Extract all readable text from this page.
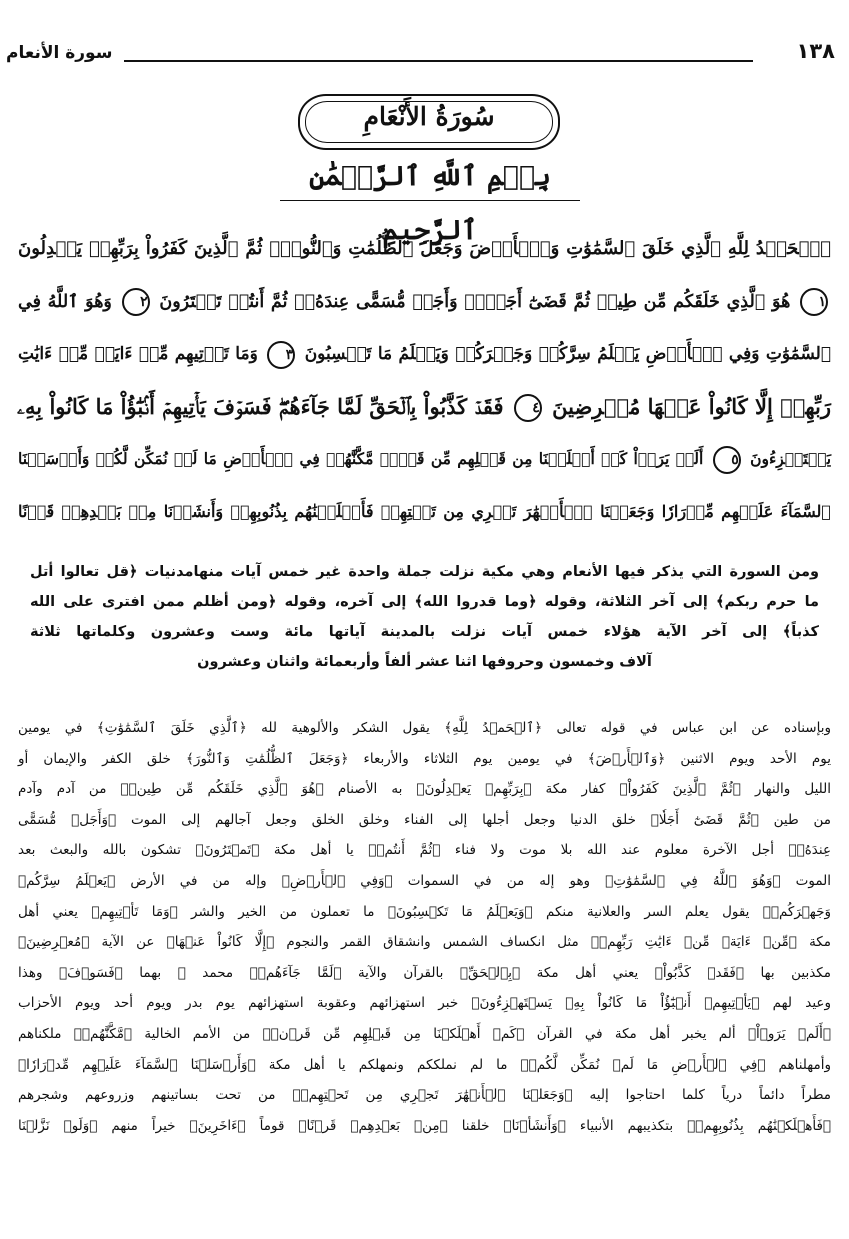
١٣٨
سورة الأنعام
سُورَةُ الأَنْعَامِ
بِسۡمِ ٱللَّهِ ٱلرَّحۡمَٰنِ ٱلرَّحِيمِ
ٱلۡحَمۡدُ لِلَّهِ ٱلَّذِي خَلَقَ ٱلسَّمَٰوَٰتِ وَٱلۡأَرۡضَ وَجَعَلَ ٱلظُّلُمَٰتِ وَٱلنُّورَۖ ثُمَّ ٱلَّذِينَ كَفَرُواْ بِرَبِّهِمۡ يَعۡدِلُونَ
١ هُوَ ٱلَّذِي خَلَقَكُم مِّن طِينٖ ثُمَّ قَضَىٰٓ أَجَلٗاۖ وَأَجَلٞ مُّسَمًّى عِندَهُۥۖ ثُمَّ أَنتُمۡ تَمۡتَرُونَ ٢ وَهُوَ ٱللَّهُ فِي
ٱلسَّمَٰوَٰتِ وَفِي ٱلۡأَرۡضِ يَعۡلَمُ سِرَّكُمۡ وَجَهۡرَكُمۡ وَيَعۡلَمُ مَا تَكۡسِبُونَ ٣ وَمَا تَأۡتِيهِم مِّنۡ ءَايَةٖ مِّنۡ ءَايَٰتِ
رَبِّهِمۡ إِلَّا كَانُواْ عَنۡهَا مُعۡرِضِينَ ٤ فَقَدۡ كَذَّبُواْ بِٱلۡحَقِّ لَمَّا جَآءَهُمۡۖ فَسَوۡفَ يَأۡتِيهِمۡ أَنۢبَٰٓؤُاْ مَا كَانُواْ بِهِۦ
يَسۡتَهۡزِءُونَ ٥ أَلَمۡ يَرَوۡاْ كَمۡ أَهۡلَكۡنَا مِن قَبۡلِهِم مِّن قَرۡنٖ مَّكَّنَّٰهُمۡ فِي ٱلۡأَرۡضِ مَا لَمۡ نُمَكِّن لَّكُمۡ وَأَرۡسَلۡنَا
ٱلسَّمَآءَ عَلَيۡهِم مِّدۡرَارٗا وَجَعَلۡنَا ٱلۡأَنۡهَٰرَ تَجۡرِي مِن تَحۡتِهِمۡ فَأَهۡلَكۡنَٰهُم بِذُنُوبِهِمۡ وَأَنشَأۡنَا مِنۢ بَعۡدِهِمۡ قَرۡنًا
ومن السورة التي يذكر فيها الأنعام وهي مكية نزلت جملة واحدة غير خمس آيات منهامدنيات ﴿قل تعالوا أتل
ما حرم ربكم﴾ إلى آخر الثلاثة، وقوله ﴿وما قدروا الله﴾ إلى آخره، وقوله ﴿ومن أظلم ممن افترى على الله
كذباً﴾ إلى آخر الآية هؤلاء خمس آيات نزلت بالمدينة آياتها مائة وست وعشرون وكلماتها ثلاثة
آلاف وخمسون وحروفها اثنا عشر ألفاً وأربعمائة واثنان وعشرون
وبإسناده عن ابن عباس في قوله تعالى ﴿ٱلۡحَمۡدُ لِلَّهِ﴾ يقول الشكر والألوهية لله ﴿ٱلَّذِي خَلَقَ ٱلسَّمَٰوَٰتِ﴾ في يومين
يوم الأحد ويوم الاثنين ﴿وَٱلۡأَرۡضَ﴾ في يومين يوم الثلاثاء والأربعاء ﴿وَجَعَلَ ٱلظُّلُمَٰتِ وَٱلنُّورَ﴾ خلق الكفر والإيمان أو
الليل والنهار ﴿ثُمَّ ٱلَّذِينَ كَفَرُواْ﴾ كفار مكة ﴿بِرَبِّهِمۡ يَعۡدِلُونَ﴾ به الأصنام ﴿هُوَ ٱلَّذِي خَلَقَكُم مِّن طِينٖ﴾ من آدم وآدم
من طين ﴿ثُمَّ قَضَىٰٓ أَجَلٗا﴾ خلق الدنيا وجعل أجلها إلى الفناء وخلق الخلق وجعل آجالهم إلى الموت ﴿وَأَجَلٞ مُّسَمًّى
عِندَهُۥ﴾ أجل الآخرة معلوم عند الله بلا موت ولا فناء ﴿ثُمَّ أَنتُمۡ﴾ يا أهل مكة ﴿تَمۡتَرُونَ﴾ تشكون بالله والبعث بعد
الموت ﴿وَهُوَ ٱللَّهُ فِي ٱلسَّمَٰوَٰتِ﴾ وهو إله من في السموات ﴿وَفِي ٱلۡأَرۡضِ﴾ وإله من في الأرض ﴿يَعۡلَمُ سِرَّكُمۡ
وَجَهۡرَكُمۡ﴾ يقول يعلم السر والعلانية منكم ﴿وَيَعۡلَمُ مَا تَكۡسِبُونَ﴾ ما تعملون من الخير والشر ﴿وَمَا تَأۡتِيهِم﴾ يعني أهل
مكة ﴿مِّنۡ ءَايَةٖ مِّنۡ ءَايَٰتِ رَبِّهِمۡ﴾ مثل انكساف الشمس وانشقاق القمر والنجوم ﴿إِلَّا كَانُواْ عَنۡهَا﴾ عن الآية ﴿مُعۡرِضِينَ﴾
مكذبين بها ﴿فَقَدۡ كَذَّبُواْ﴾ يعني أهل مكة ﴿بِٱلۡحَقِّ﴾ بالقرآن والآية ﴿لَمَّا جَآءَهُمۡ﴾ محمد ﷺ بهما ﴿فَسَوۡفَ﴾ وهذا
وعيد لهم ﴿يَأۡتِيهِمۡ أَنۢبَٰٓؤُاْ مَا كَانُواْ بِهِۦ يَسۡتَهۡزِءُونَ﴾ خبر استهزائهم وعقوبة استهزائهم يوم بدر ويوم أحد ويوم الأحزاب
﴿أَلَمۡ يَرَوۡاْ﴾ ألم يخبر أهل مكة في القرآن ﴿كَمۡ أَهۡلَكۡنَا مِن قَبۡلِهِم مِّن قَرۡنٖ﴾ من الأمم الخالية ﴿مَّكَّنَّٰهُمۡ﴾ ملكناهم
وأمهلناهم ﴿فِي ٱلۡأَرۡضِ مَا لَمۡ نُمَكِّن لَّكُمۡ﴾ ما لم نملككم ونمهلكم يا أهل مكة ﴿وَأَرۡسَلۡنَا ٱلسَّمَآءَ عَلَيۡهِم مِّدۡرَارٗا﴾
مطراً دائماً درياً كلما احتاجوا إليه ﴿وَجَعَلۡنَا ٱلۡأَنۡهَٰرَ تَجۡرِي مِن تَحۡتِهِمۡ﴾ من تحت بساتينهم وزروعهم وشجرهم
﴿فَأَهۡلَكۡنَٰهُم بِذُنُوبِهِمۡ﴾ بتكذيبهم الأنبياء ﴿وَأَنشَأۡنَا﴾ خلقنا ﴿مِنۢ بَعۡدِهِمۡ قَرۡنًا﴾ قوماً ﴿ءَاخَرِينَ﴾ خيراً منهم ﴿وَلَوۡ نَزَّلۡنَا
